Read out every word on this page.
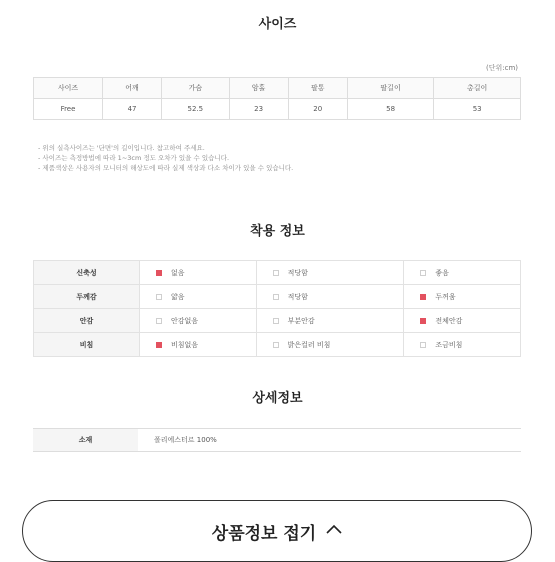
사이즈
(단위:cm)
사이즈	어깨	가슴	암홀	팔통	팔길이	총길이
Free	47	52.5	23	20	58	53
- 위의 실측사이즈는 '단면'의 길이입니다. 참고하여 주세요.
- 사이즈는 측정방법에 따라 1~3cm 정도 오차가 있을 수 있습니다.
- 제품색상은 사용자의 모니터의 해상도에 따라 실제 색상과 다소 차이가 있을 수 있습니다.
착용 정보
신축성	없음	적당함	좋음

두께감	얇음	적당함	두꺼움

안감	안감없음	부분안감	전체안감

비침	비침없음	밝은컬러 비침	조금비침
상세정보
소재	폴리에스터르 100%
상품정보 접기
